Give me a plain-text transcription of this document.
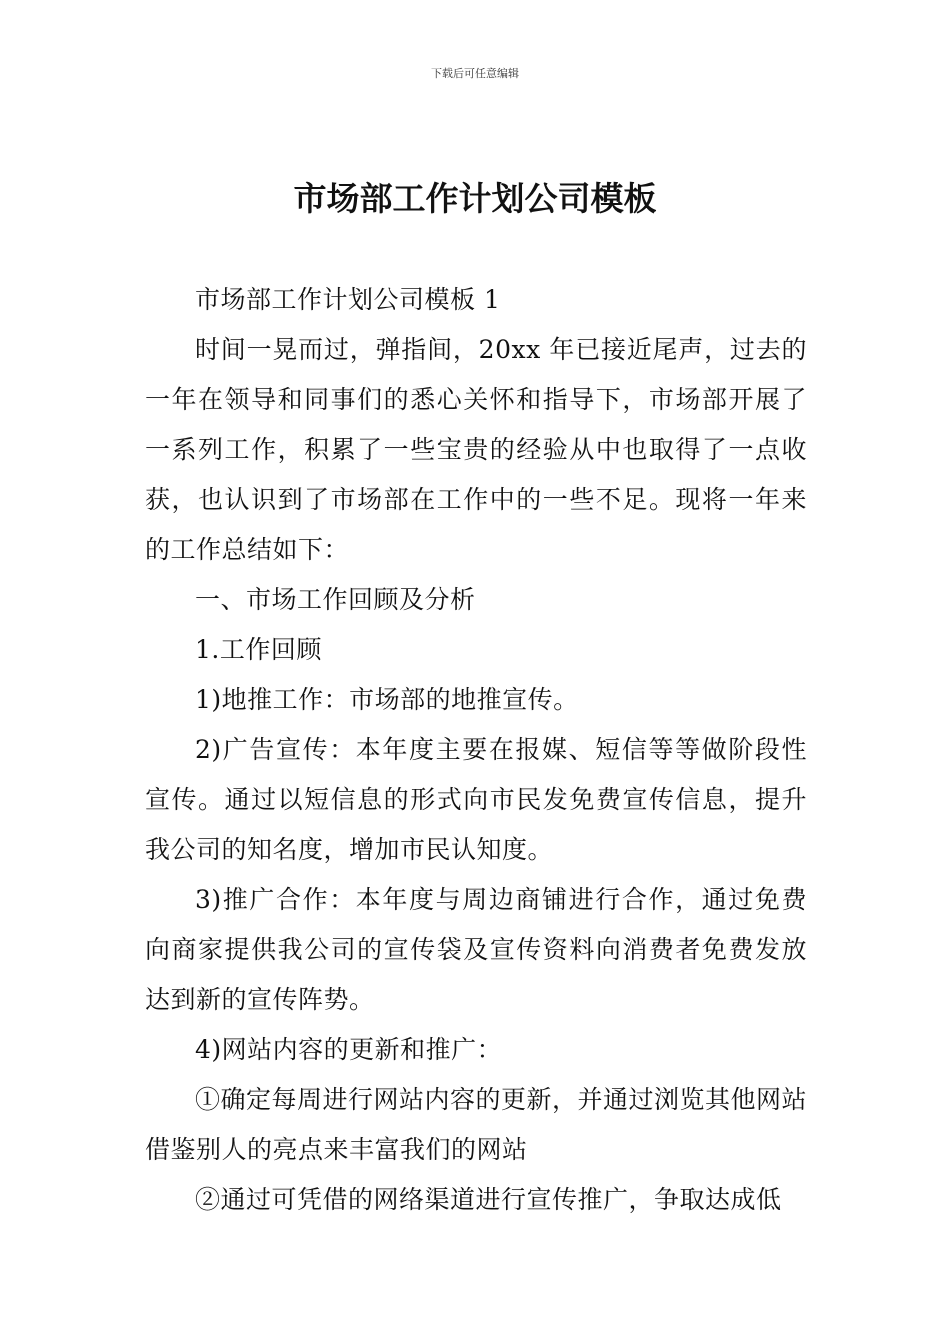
下载后可任意编辑
市场部工作计划公司模板

市场部工作计划公司模板 1

时间一晃而过，弹指间，20xx 年已接近尾声，过去的一年在领导和同事们的悉心关怀和指导下，市场部开展了一系列工作，积累了一些宝贵的经验从中也取得了一点收获，也认识到了市场部在工作中的一些不足。现将一年来的工作总结如下：

一、市场工作回顾及分析

1.工作回顾

1)地推工作：市场部的地推宣传。

2)广告宣传：本年度主要在报媒、短信等等做阶段性宣传。通过以短信息的形式向市民发免费宣传信息，提升我公司的知名度，增加市民认知度。

3)推广合作：本年度与周边商铺进行合作，通过免费向商家提供我公司的宣传袋及宣传资料向消费者免费发放达到新的宣传阵势。

4)网站内容的更新和推广：

①确定每周进行网站内容的更新，并通过浏览其他网站借鉴别人的亮点来丰富我们的网站

②通过可凭借的网络渠道进行宣传推广，争取达成低
